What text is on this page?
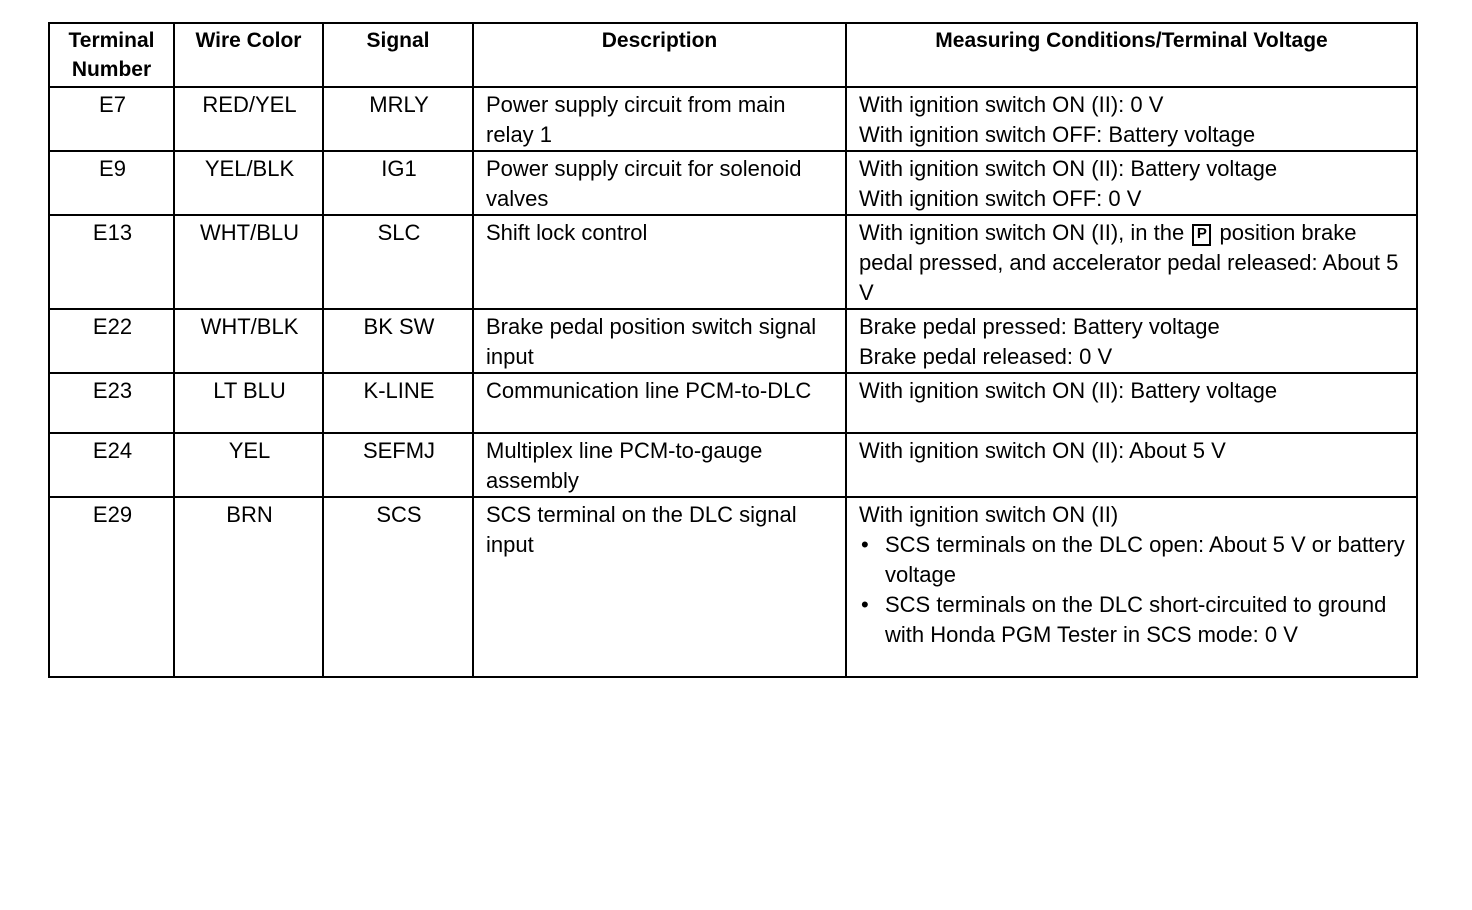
Terminal Number	Wire Color	Signal	Description	Measuring Conditions/Terminal Voltage
E7	RED/YEL	MRLY	Power supply circuit from main relay 1	With ignition switch ON (II): 0 V
With ignition switch OFF: Battery voltage

E9	YEL/BLK	IG1	Power supply circuit for solenoid valves	With ignition switch ON (II): Battery voltage
With ignition switch OFF: 0 V

E13	WHT/BLU	SLC	Shift lock control	With ignition switch ON (II), in the P position brake pedal pressed, and accelerator pedal released: About 5 V

E22	WHT/BLK	BK SW	Brake pedal position switch signal input	Brake pedal pressed: Battery voltage
Brake pedal released: 0 V

E23	LT BLU	K-LINE	Communication line PCM-to-DLC	With ignition switch ON (II): Battery voltage

E24	YEL	SEFMJ	Multiplex line PCM-to-gauge assembly	With ignition switch ON (II): About 5 V

E29	BRN	SCS	SCS terminal on the DLC signal input	With ignition switch ON (II)
• SCS terminals on the DLC open: About 5 V or battery voltage
• SCS terminals on the DLC short-circuited to ground with Honda PGM Tester in SCS mode: 0 V
